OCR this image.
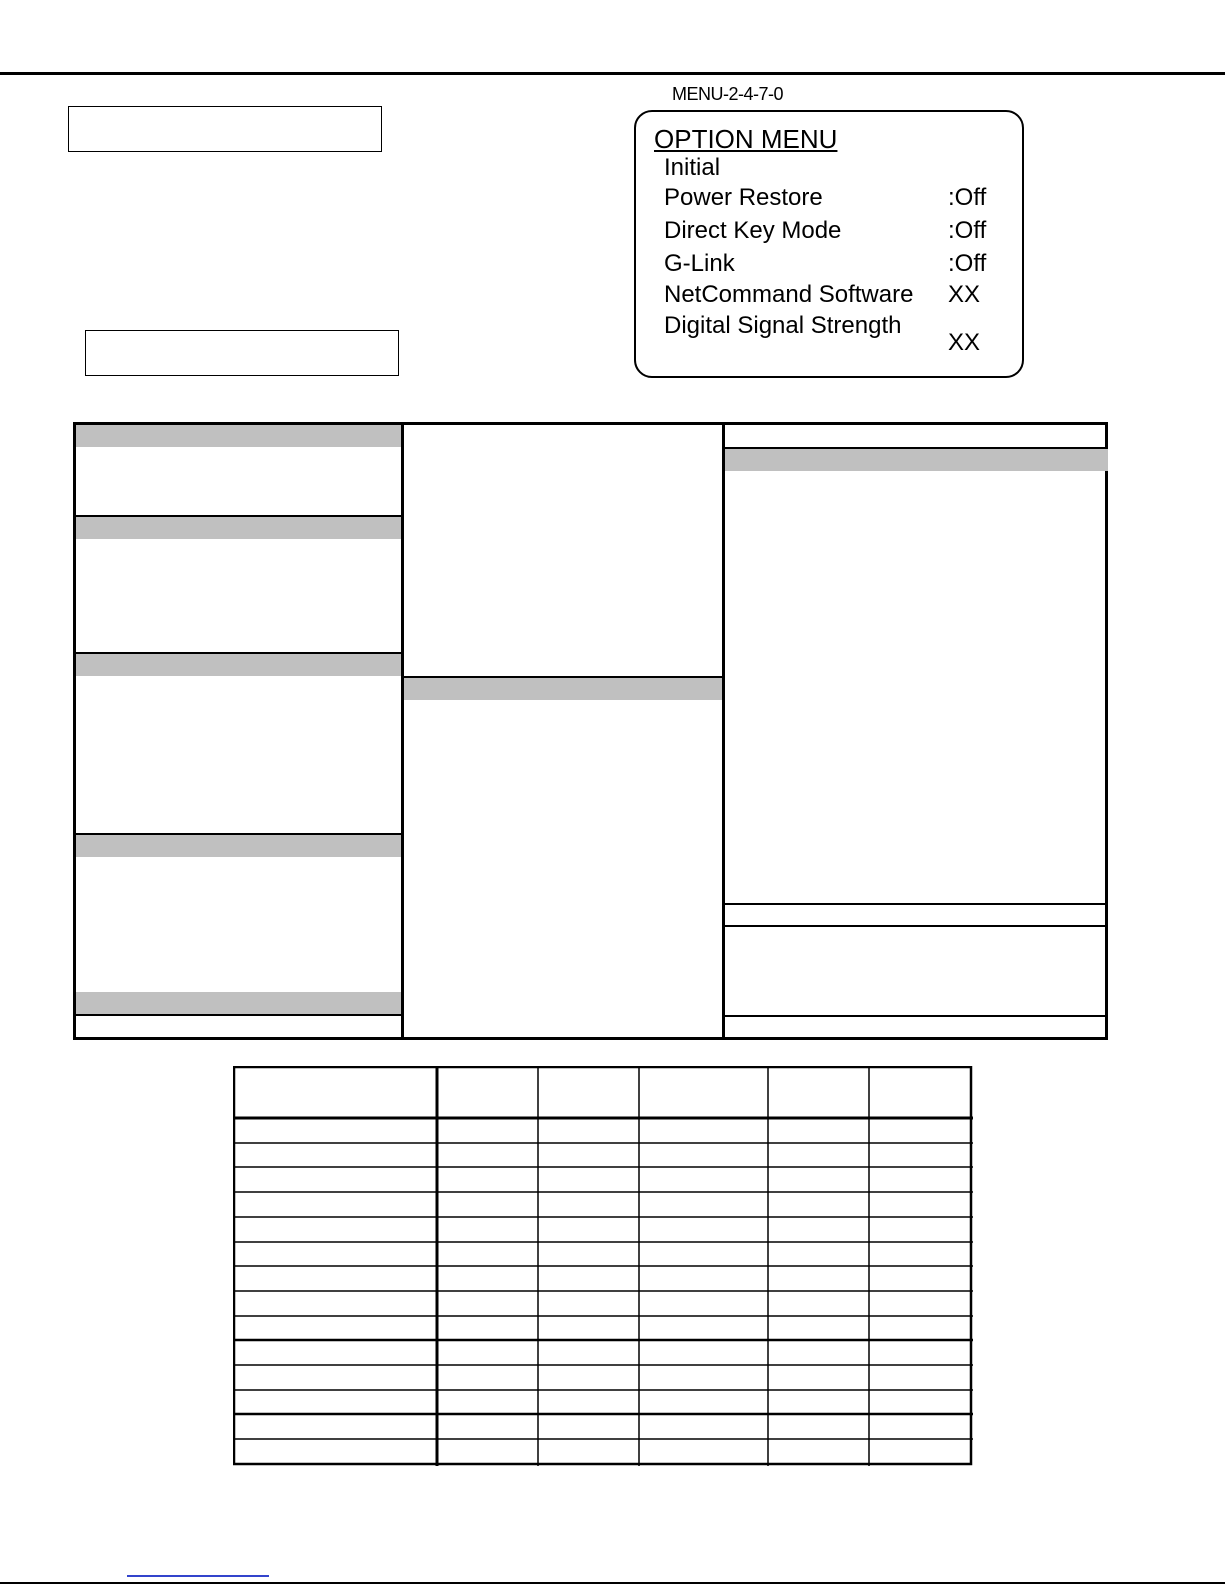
MENU-2-4-7-0
OPTION MENU
Initial
Power Restore	:Off
Direct Key Mode	:Off
G-Link	:Off
NetCommand Software XX
Digital Signal Strength
XX
